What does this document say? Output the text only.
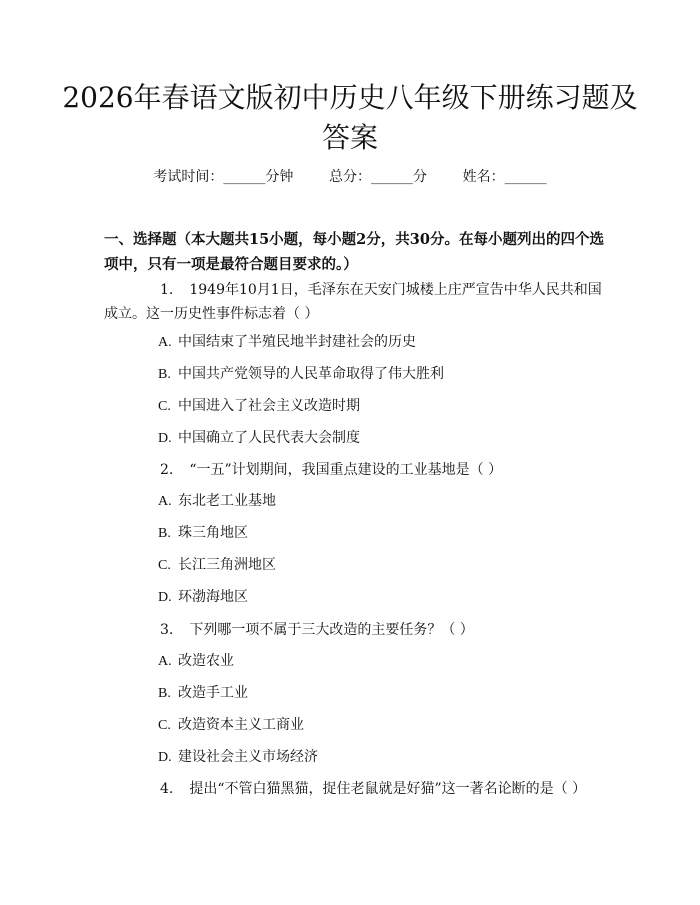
2026年春语文版初中历史八年级下册练习题及答案
考试时间：______分钟	总分：______分	姓名：______

一、选择题（本大题共15小题，每小题2分，共30分。在每小题列出的四个选项中，只有一项是最符合题目要求的。）

1. 1949年10月1日，毛泽东在天安门城楼上庄严宣告中华人民共和国成立。这一历史性事件标志着（ ）

A. 中国结束了半殖民地半封建社会的历史
B. 中国共产党领导的人民革命取得了伟大胜利
C. 中国进入了社会主义改造时期
D. 中国确立了人民代表大会制度

2. “一五”计划期间，我国重点建设的工业基地是（ ）

A. 东北老工业基地
B. 珠三角地区
C. 长江三角洲地区
D. 环渤海地区

3. 下列哪一项不属于三大改造的主要任务？（ ）

A. 改造农业
B. 改造手工业
C. 改造资本主义工商业
D. 建设社会主义市场经济

4. 提出“不管白猫黑猫，捉住老鼠就是好猫”这一著名论断的是（ ）
